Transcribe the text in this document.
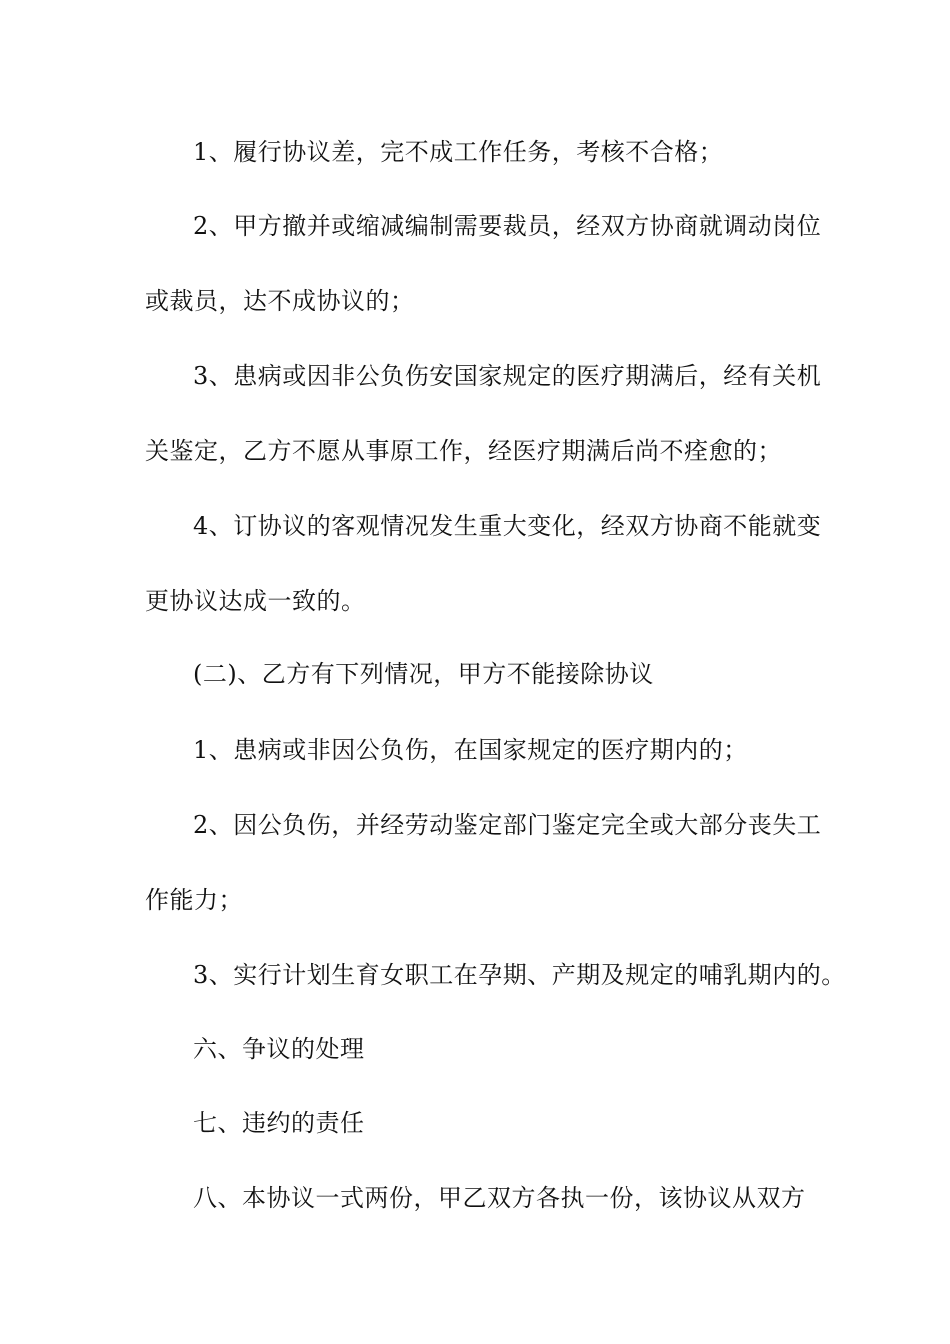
1、履行协议差，完不成工作任务，考核不合格；
2、甲方撤并或缩减编制需要裁员，经双方协商就调动岗位
或裁员，达不成协议的；
3、患病或因非公负伤安国家规定的医疗期满后，经有关机
关鉴定，乙方不愿从事原工作，经医疗期满后尚不痊愈的；
4、订协议的客观情况发生重大变化，经双方协商不能就变
更协议达成一致的。
(二)、乙方有下列情况，甲方不能接除协议
1、患病或非因公负伤，在国家规定的医疗期内的；
2、因公负伤，并经劳动鉴定部门鉴定完全或大部分丧失工
作能力；
3、实行计划生育女职工在孕期、产期及规定的哺乳期内的。
六、争议的处理
七、违约的责任
八、本协议一式两份，甲乙双方各执一份，该协议从双方
